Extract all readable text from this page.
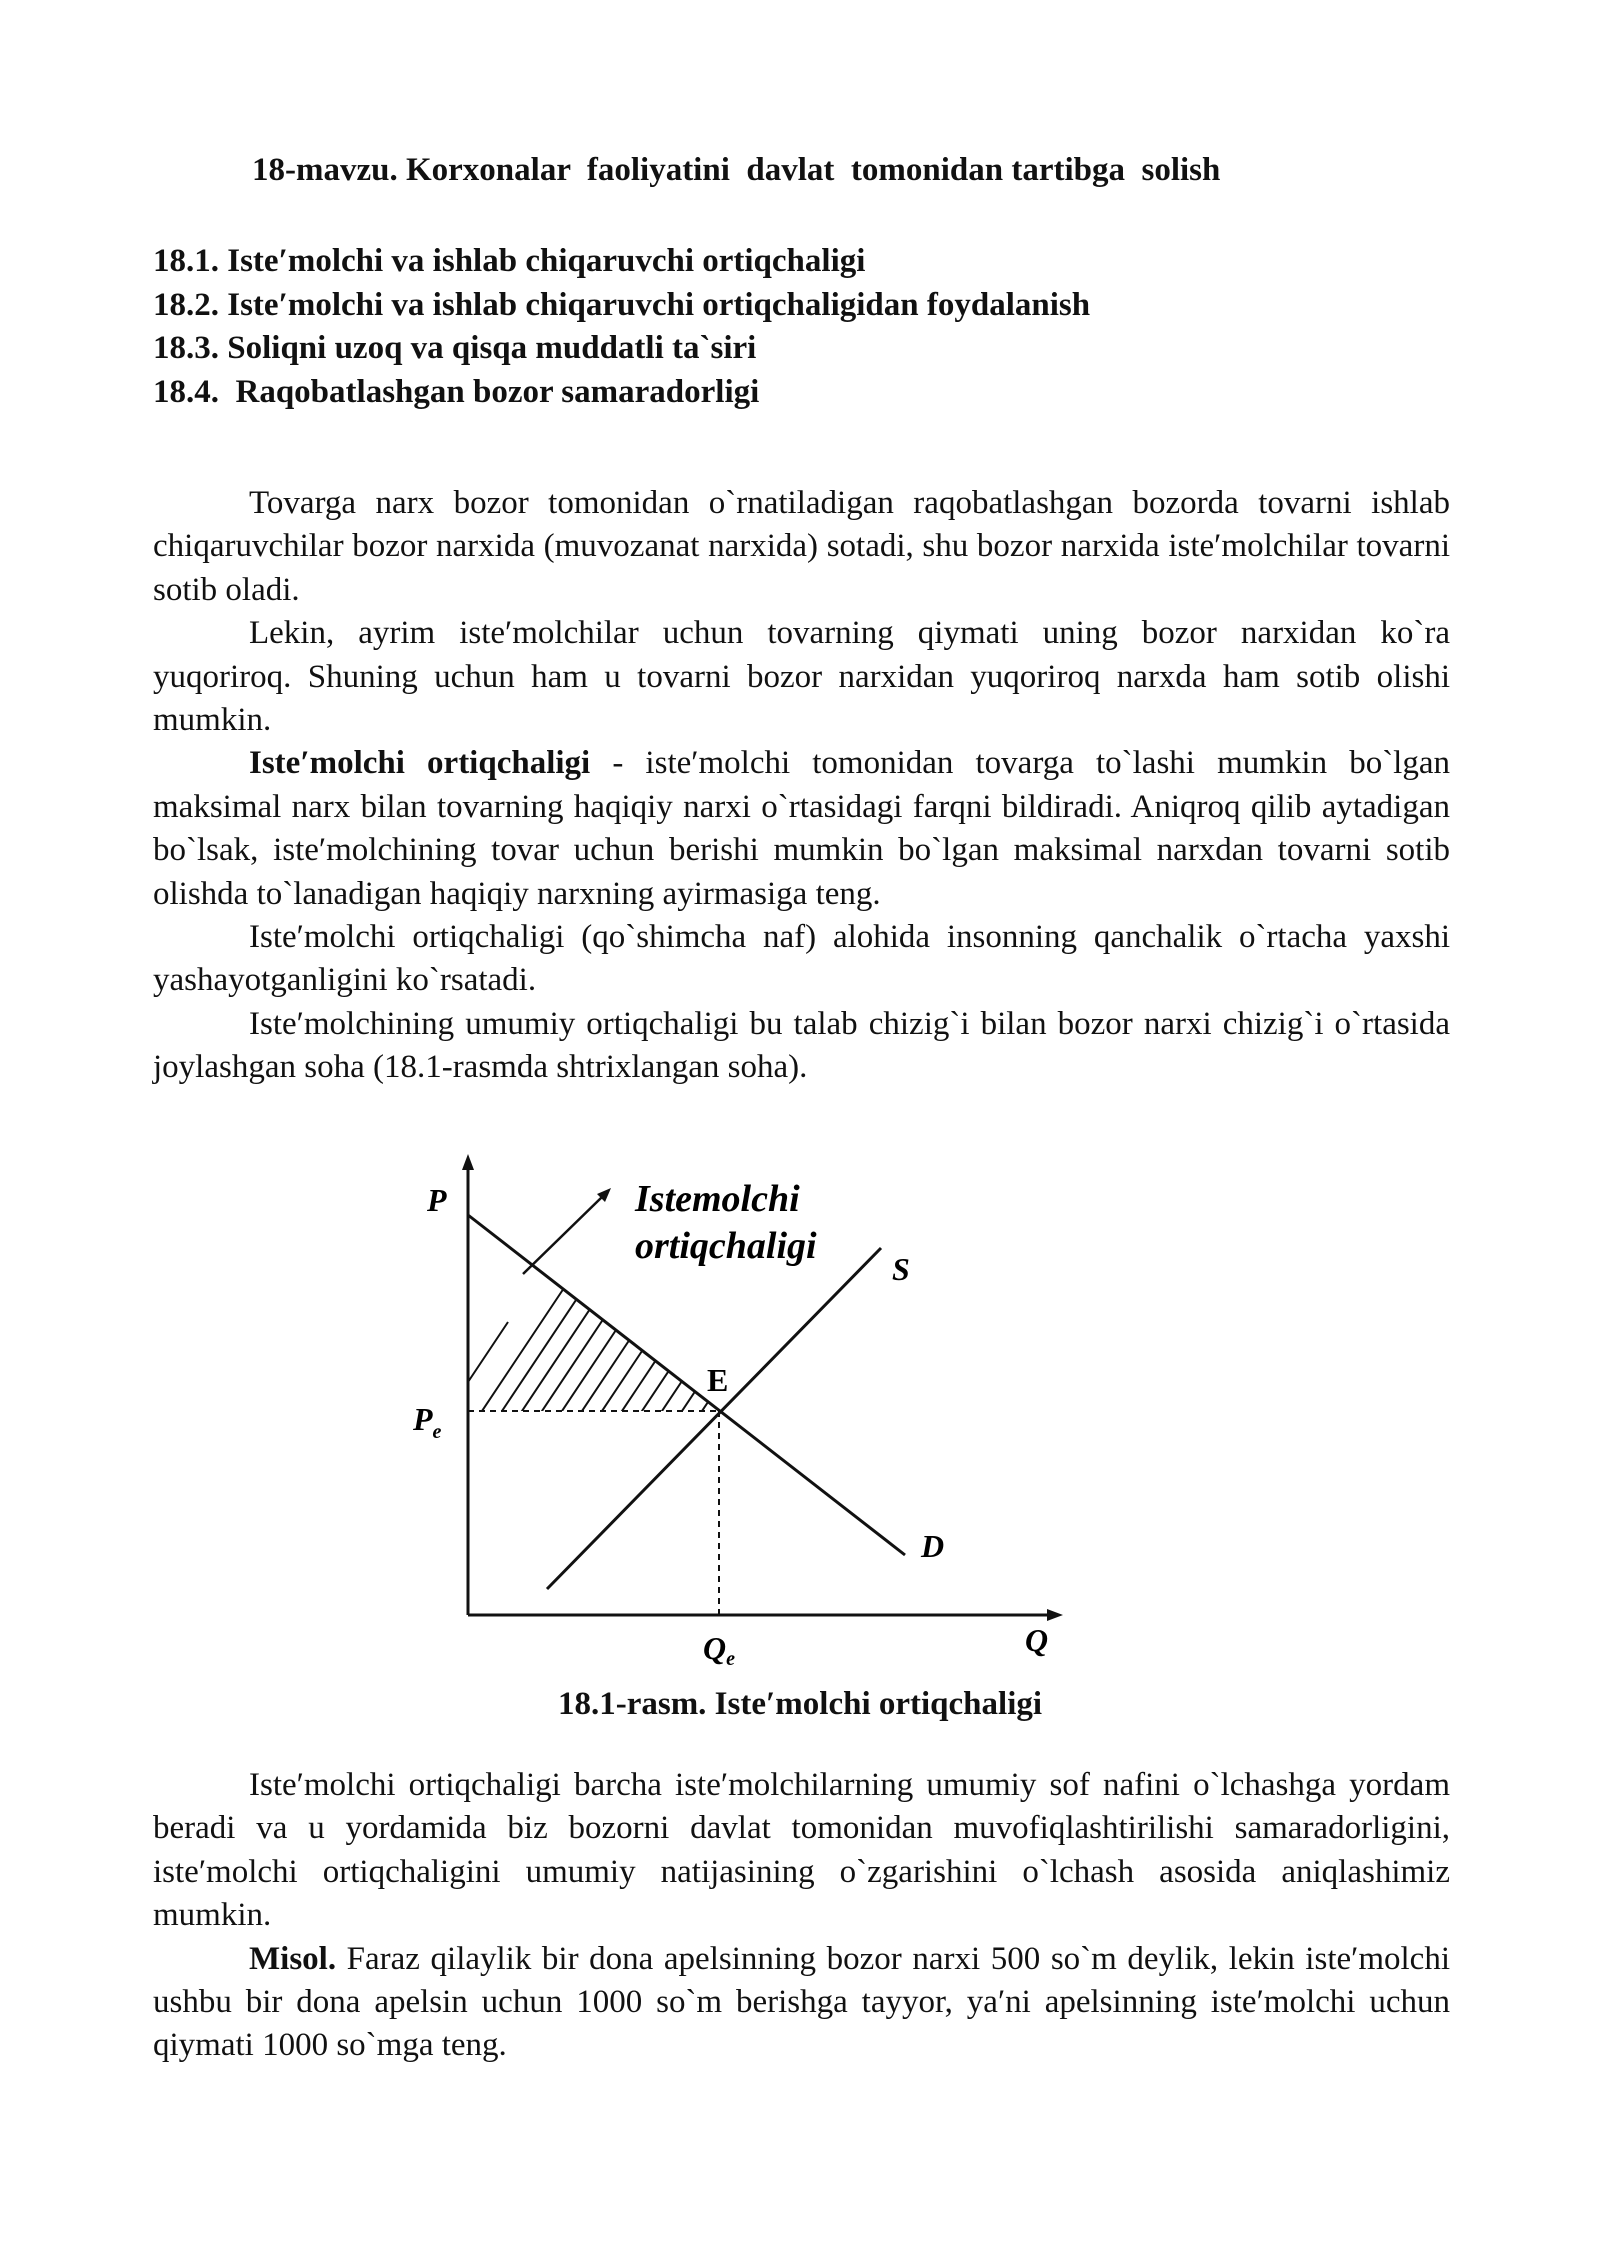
18-mavzu. Korxonalar  faoliyatini  davlat  tomonidan tartibga  solish
18.1. Iste′molchi va ishlab chiqaruvchi ortiqchaligi
18.2. Iste′molchi va ishlab chiqaruvchi ortiqchaligidan foydalanish
18.3. Soliqni uzoq va qisqa muddatli ta`siri
18.4.  Raqobatlashgan bozor samaradorligi

Tovarga narx bozor tomonidan o`rnatiladigan raqobatlashgan bozorda tovarni ishlab chiqaruvchilar bozor narxida (muvozanat narxida) sotadi, shu bozor narxida iste′molchilar tovarni sotib oladi.

Lekin, ayrim iste′molchilar uchun tovarning qiymati uning bozor narxidan ko`ra yuqoriroq. Shuning uchun ham u tovarni bozor narxidan yuqoriroq narxda ham sotib olishi mumkin.

Iste′molchi ortiqchaligi - iste′molchi tomonidan tovarga to`lashi mumkin bo`lgan maksimal narx bilan tovarning haqiqiy narxi o`rtasidagi farqni bildiradi. Aniqroq qilib aytadigan bo`lsak, iste′molchining tovar uchun berishi mumkin bo`lgan maksimal narxdan tovarni sotib olishda to`lanadigan haqiqiy narxning ayirmasiga teng.

Iste′molchi ortiqchaligi (qo`shimcha naf) alohida insonning qanchalik o`rtacha yaxshi yashayotganligini ko`rsatadi.

Iste′molchining umumiy ortiqchaligi bu talab chizig`i bilan bozor narxi chizig`i o`rtasida joylashgan soha (18.1-rasmda shtrixlangan soha).

P
$P_e$
E
Istemolchi
ortiqchaligi
S
D
Qe
Q
18.1-rasm. Iste′molchi ortiqchaligi

Iste′molchi ortiqchaligi barcha iste′molchilarning umumiy sof nafini o`lchashga yordam beradi va u yordamida biz bozorni davlat tomonidan muvofiqlashtirilishi samaradorligini, iste′molchi ortiqchaligini umumiy natijasining o`zgarishini o`lchash asosida aniqlashimiz mumkin.

Misol. Faraz qilaylik bir dona apelsinning bozor narxi 500 so`m deylik, lekin iste′molchi ushbu bir dona apelsin uchun 1000 so`m berishga tayyor, ya′ni apelsinning iste′molchi uchun qiymati 1000 so`mga teng.
